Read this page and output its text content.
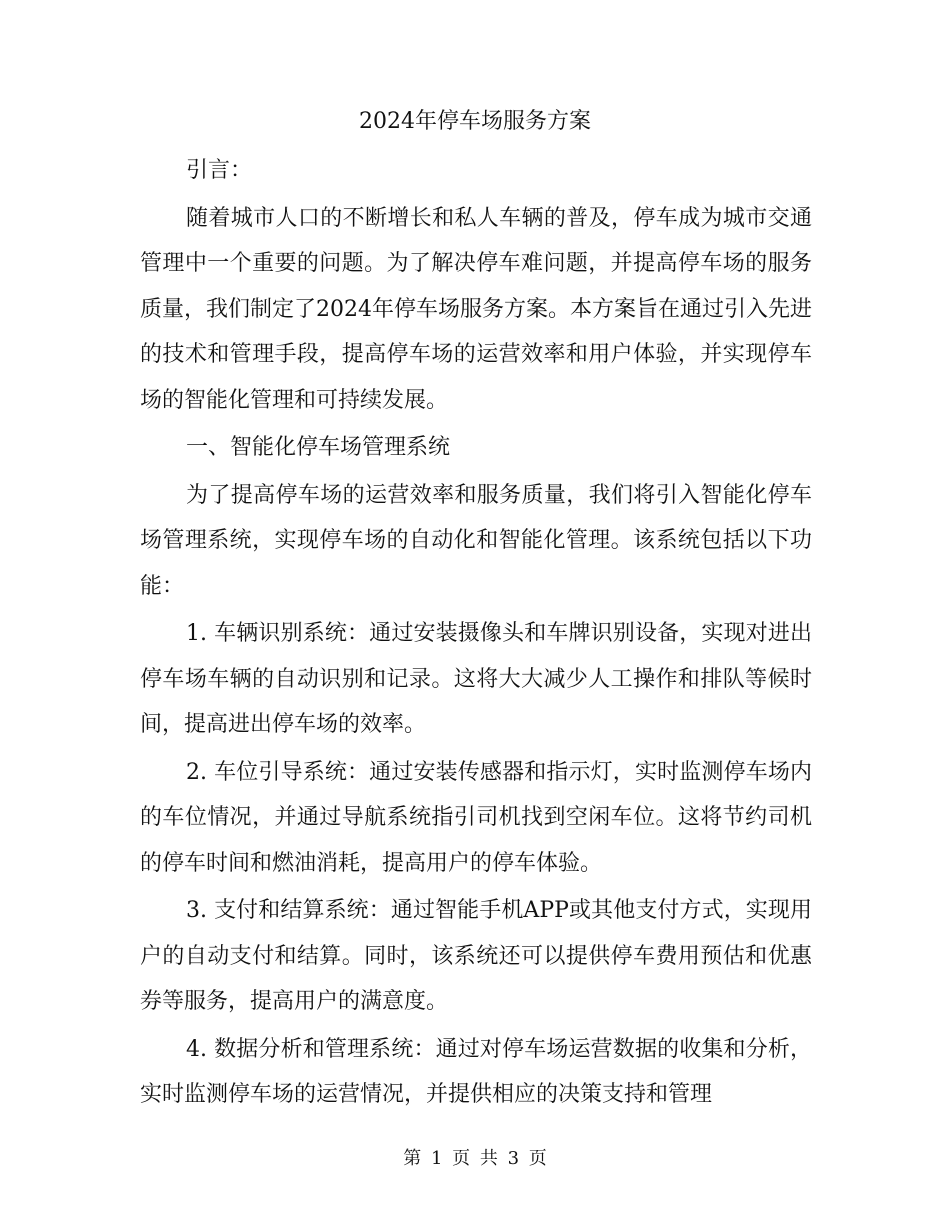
2024年停车场服务方案

引言：

随着城市人口的不断增长和私人车辆的普及，停车成为城市交通管理中一个重要的问题。为了解决停车难问题，并提高停车场的服务质量，我们制定了2024年停车场服务方案。本方案旨在通过引入先进的技术和管理手段，提高停车场的运营效率和用户体验，并实现停车场的智能化管理和可持续发展。

一、智能化停车场管理系统

为了提高停车场的运营效率和服务质量，我们将引入智能化停车场管理系统，实现停车场的自动化和智能化管理。该系统包括以下功能：

1. 车辆识别系统：通过安装摄像头和车牌识别设备，实现对进出停车场车辆的自动识别和记录。这将大大减少人工操作和排队等候时间，提高进出停车场的效率。

2. 车位引导系统：通过安装传感器和指示灯，实时监测停车场内的车位情况，并通过导航系统指引司机找到空闲车位。这将节约司机的停车时间和燃油消耗，提高用户的停车体验。

3. 支付和结算系统：通过智能手机APP或其他支付方式，实现用户的自动支付和结算。同时，该系统还可以提供停车费用预估和优惠券等服务，提高用户的满意度。

4. 数据分析和管理系统：通过对停车场运营数据的收集和分析，实时监测停车场的运营情况，并提供相应的决策支持和管理

第 1 页 共 3 页
